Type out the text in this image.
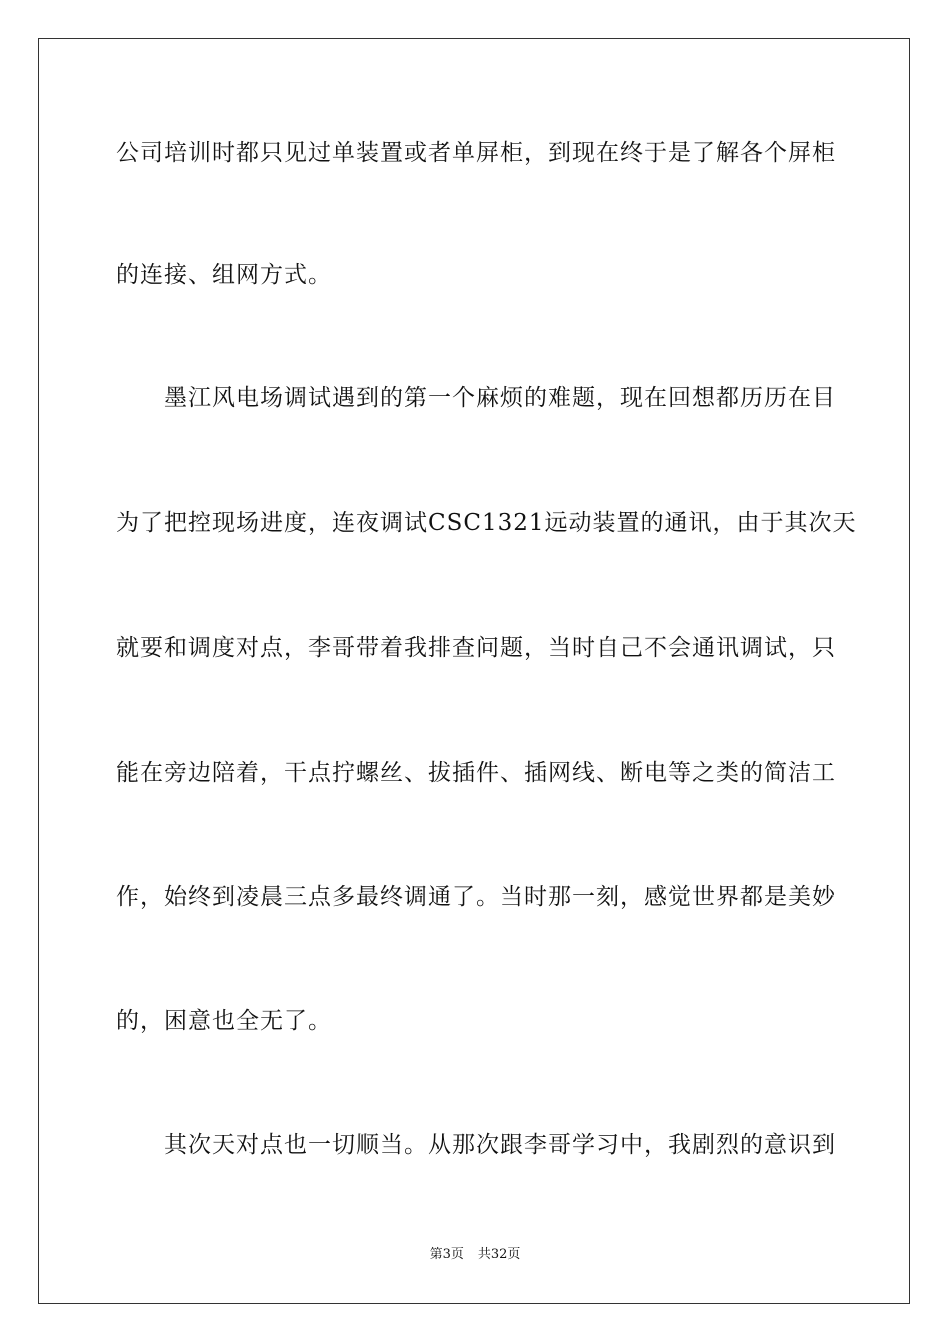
公司培训时都只见过单装置或者单屏柜，到现在终于是了解各个屏柜
的连接、组网方式。
墨江风电场调试遇到的第一个麻烦的难题，现在回想都历历在目
为了把控现场进度，连夜调试CSC1321远动装置的通讯，由于其次天
就要和调度对点，李哥带着我排查问题，当时自己不会通讯调试，只
能在旁边陪着，干点拧螺丝、拔插件、插网线、断电等之类的简洁工
作，始终到凌晨三点多最终调通了。当时那一刻，感觉世界都是美妙
的，困意也全无了。
其次天对点也一切顺当。从那次跟李哥学习中，我剧烈的意识到
第3页 共32页
